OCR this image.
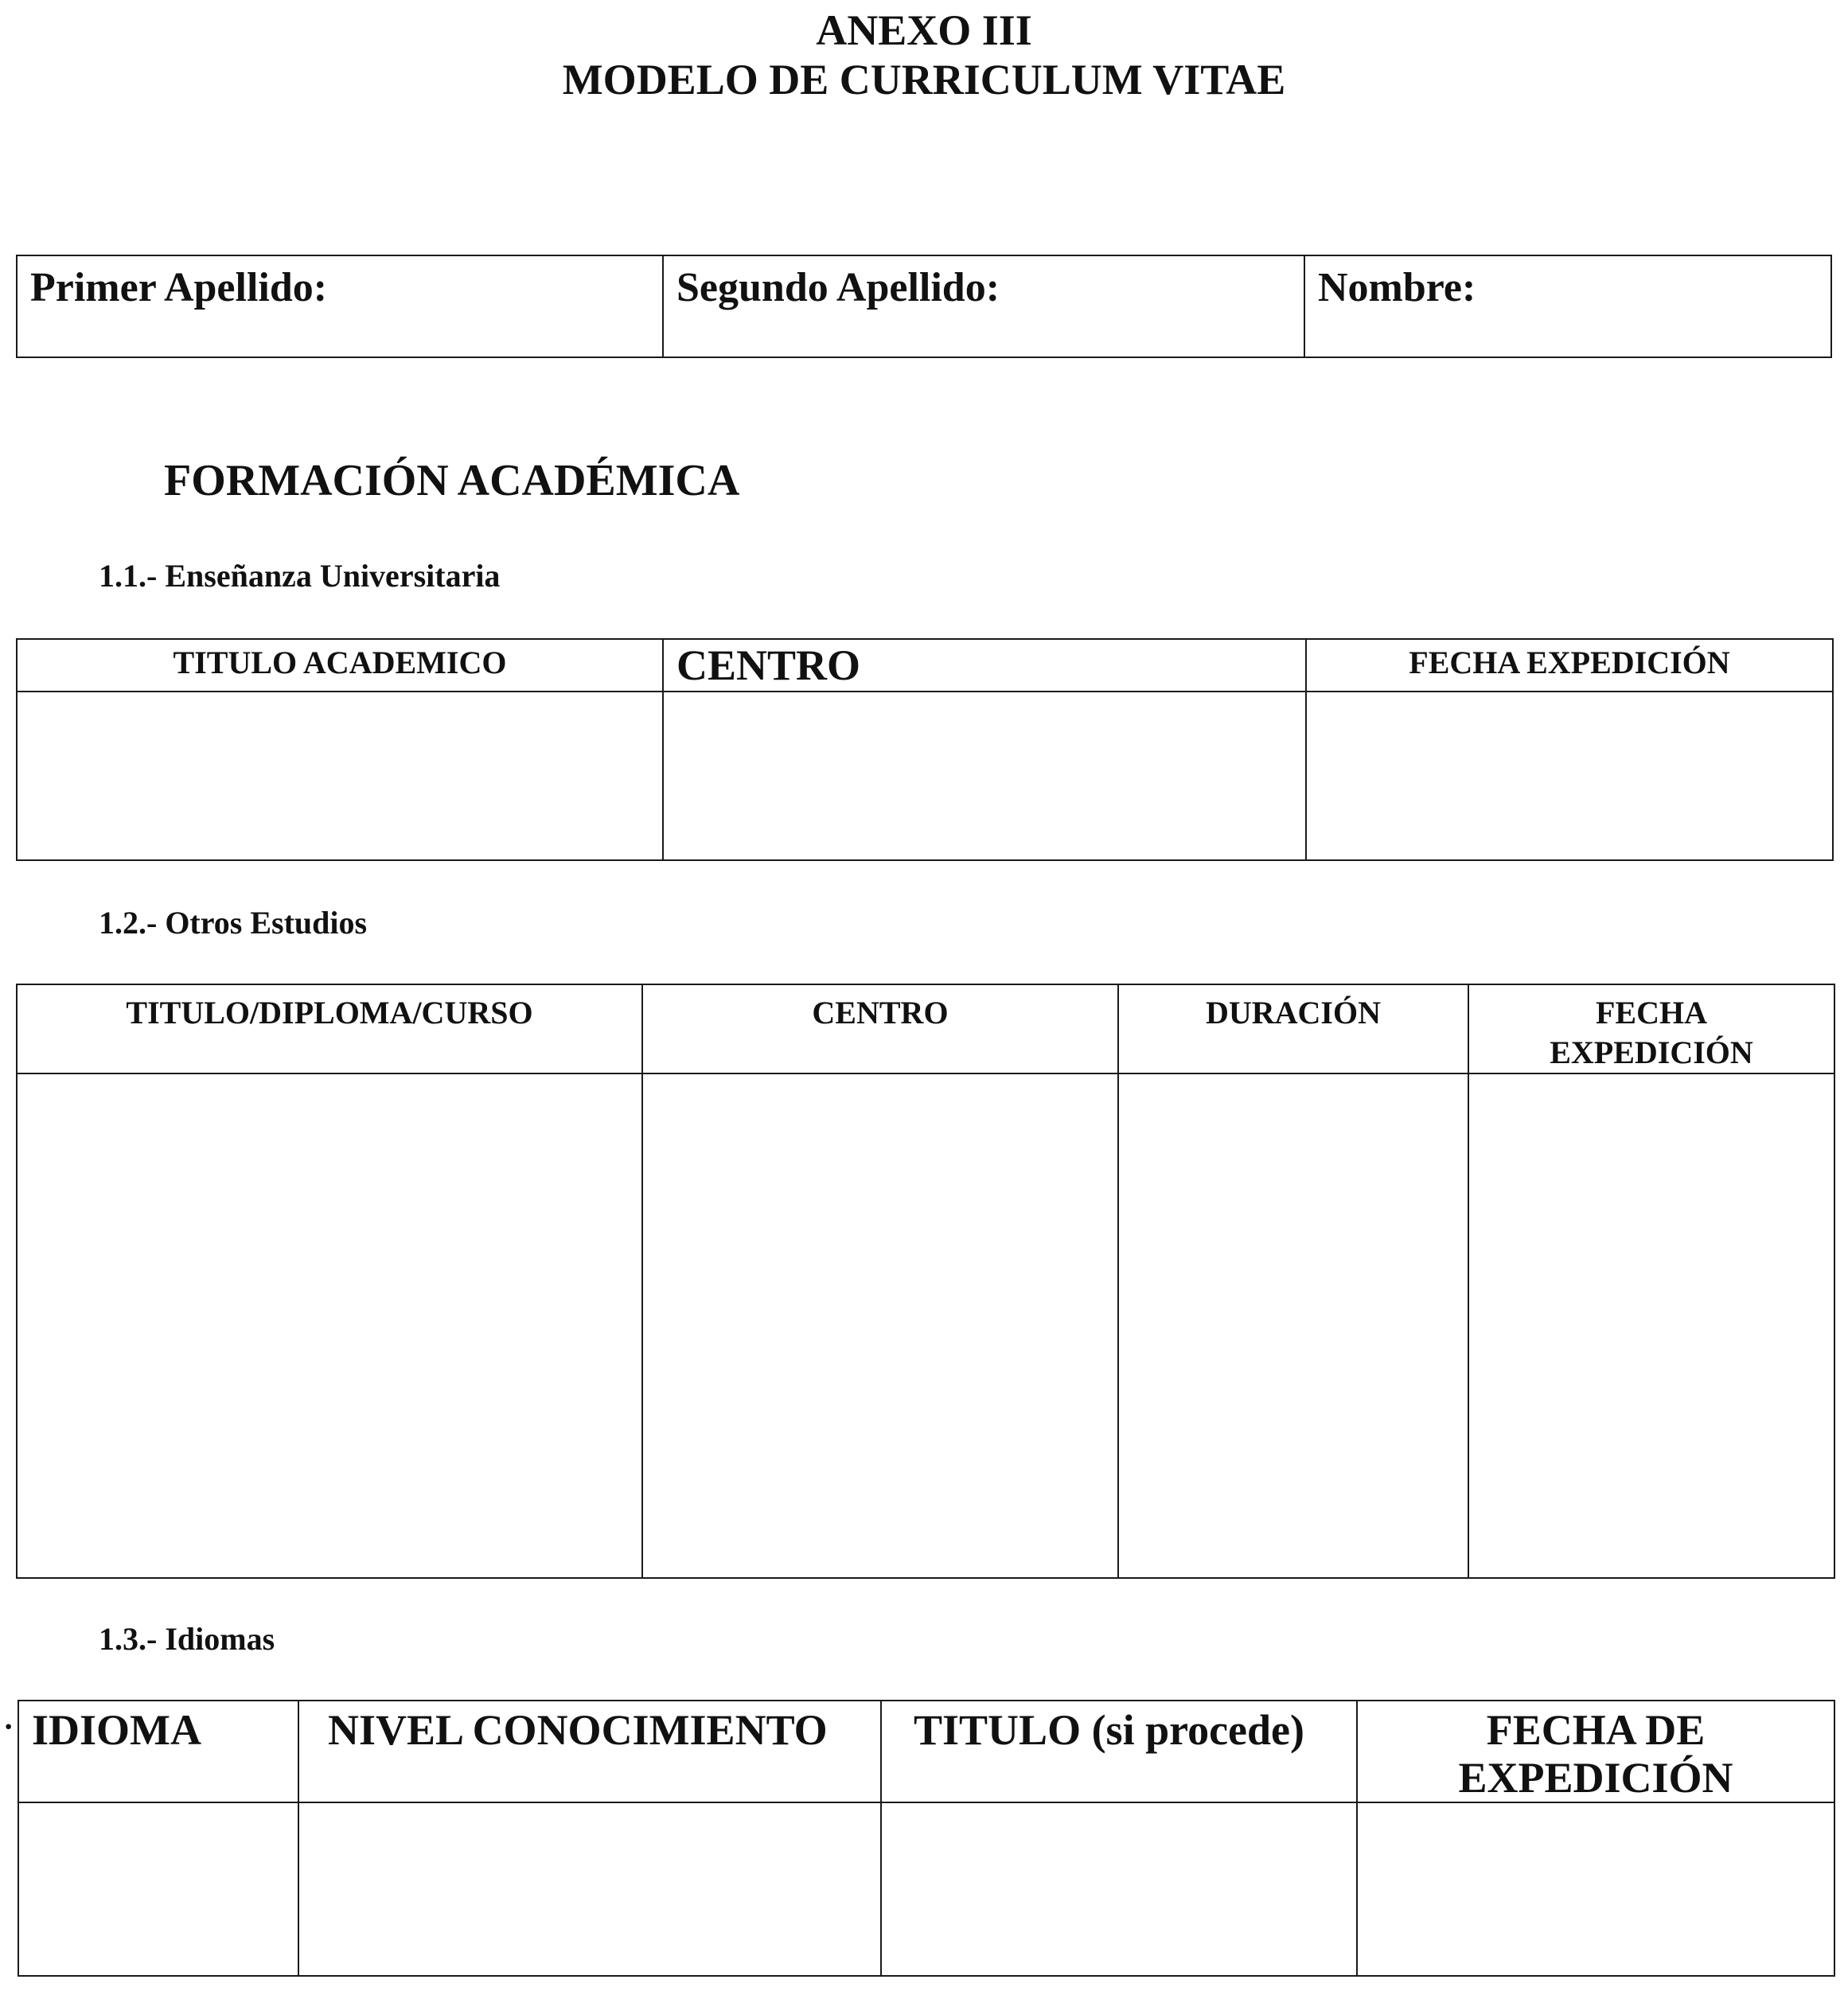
ANEXO III
MODELO DE CURRICULUM VITAE
Primer Apellido:	Segundo Apellido:	Nombre:
FORMACIÓN ACADÉMICA
1.1.- Enseñanza Universitaria
TITULO ACADEMICO	CENTRO	FECHA EXPEDICIÓN

1.2.- Otros Estudios
TITULO/DIPLOMA/CURSO	CENTRO	DURACIÓN	FECHA EXPEDICIÓN

1.3.- Idiomas
· IDIOMA	NIVEL CONOCIMIENTO	TITULO (si procede)	FECHA DE EXPEDICIÓN
